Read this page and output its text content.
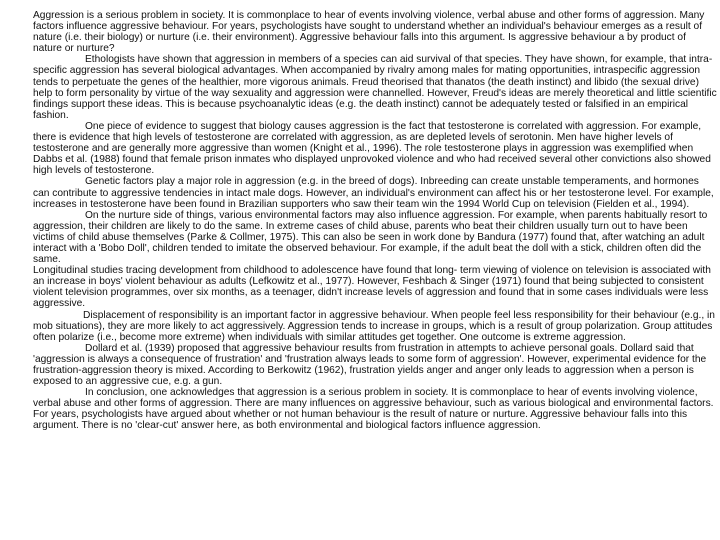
Aggression is a serious problem in society. It is commonplace to hear of events involving violence, verbal abuse and other forms of aggression. Many factors influence aggressive behaviour. For years, psychologists have sought to understand whether an individual's behaviour emerges as a result of nature (i.e. their biology) or nurture (i.e. their environment). Aggressive behaviour falls into this argument. Is aggressive behaviour a by product of nature or nurture?

Ethologists have shown that aggression in members of a species can aid survival of that species. They have shown, for example, that intra-specific aggression has several biological advantages. When accompanied by rivalry among males for mating opportunities, intraspecific aggression tends to perpetuate the genes of the healthier, more vigorous animals. Freud theorised that thanatos (the death instinct) and libido (the sexual drive) help to form personality by virtue of the way sexuality and aggression were channelled. However, Freud's ideas are merely theoretical and little scientific findings support these ideas. This is because psychoanalytic ideas (e.g. the death instinct) cannot be adequately tested or falsified in an empirical fashion.

One piece of evidence to suggest that biology causes aggression is the fact that testosterone is correlated with aggression. For example, there is evidence that high levels of testosterone are correlated with aggression, as are depleted levels of serotonin. Men have higher levels of testosterone and are generally more aggressive than women (Knight et al., 1996). The role testosterone plays in aggression was exemplified when Dabbs et al. (1988) found that female prison inmates who displayed unprovoked violence and who had received several other convictions also showed high levels of testosterone.

Genetic factors play a major role in aggression (e.g. in the breed of dogs). Inbreeding can create unstable temperaments, and hormones can contribute to aggressive tendencies in intact male dogs. However, an individual's environment can affect his or her testosterone level. For example, increases in testosterone have been found in Brazilian supporters who saw their team win the 1994 World Cup on television (Fielden et al., 1994).

On the nurture side of things, various environmental factors may also influence aggression. For example, when parents habitually resort to aggression, their children are likely to do the same. In extreme cases of child abuse, parents who beat their children usually turn out to have been victims of child abuse themselves (Parke & Collmer, 1975). This can also be seen in work done by Bandura (1977) found that, after watching an adult interact with a 'Bobo Doll', children tended to imitate the observed behaviour. For example, if the adult beat the doll with a stick, children often did the same.

Longitudinal studies tracing development from childhood to adolescence have found that long- term viewing of violence on television is associated with an increase in boys' violent behaviour as adults (Lefkowitz et al., 1977). However, Feshbach & Singer (1971) found that being subjected to consistent violent television programmes, over six months, as a teenager, didn't increase levels of aggression and found that in some cases individuals were less aggressive.

Displacement of responsibility is an important factor in aggressive behaviour. When people feel less responsibility for their behaviour (e.g., in mob situations), they are more likely to act aggressively. Aggression tends to increase in groups, which is a result of group polarization. Group attitudes often polarize (i.e., become more extreme) when individuals with similar attitudes get together. One outcome is extreme aggression.

Dollard et al. (1939) proposed that aggressive behaviour results from frustration in attempts to achieve personal goals. Dollard said that 'aggression is always a consequence of frustration' and 'frustration always leads to some form of aggression'. However, experimental evidence for the frustration-aggression theory is mixed. According to Berkowitz (1962), frustration yields anger and anger only leads to aggression when a person is exposed to an aggressive cue, e.g. a gun.

In conclusion, one acknowledges that aggression is a serious problem in society. It is commonplace to hear of events involving violence, verbal abuse and other forms of aggression. There are many influences on aggressive behaviour, such as various biological and environmental factors. For years, psychologists have argued about whether or not human behaviour is the result of nature or nurture. Aggressive behaviour falls into this argument. There is no 'clear-cut' answer here, as both environmental and biological factors influence aggression.
